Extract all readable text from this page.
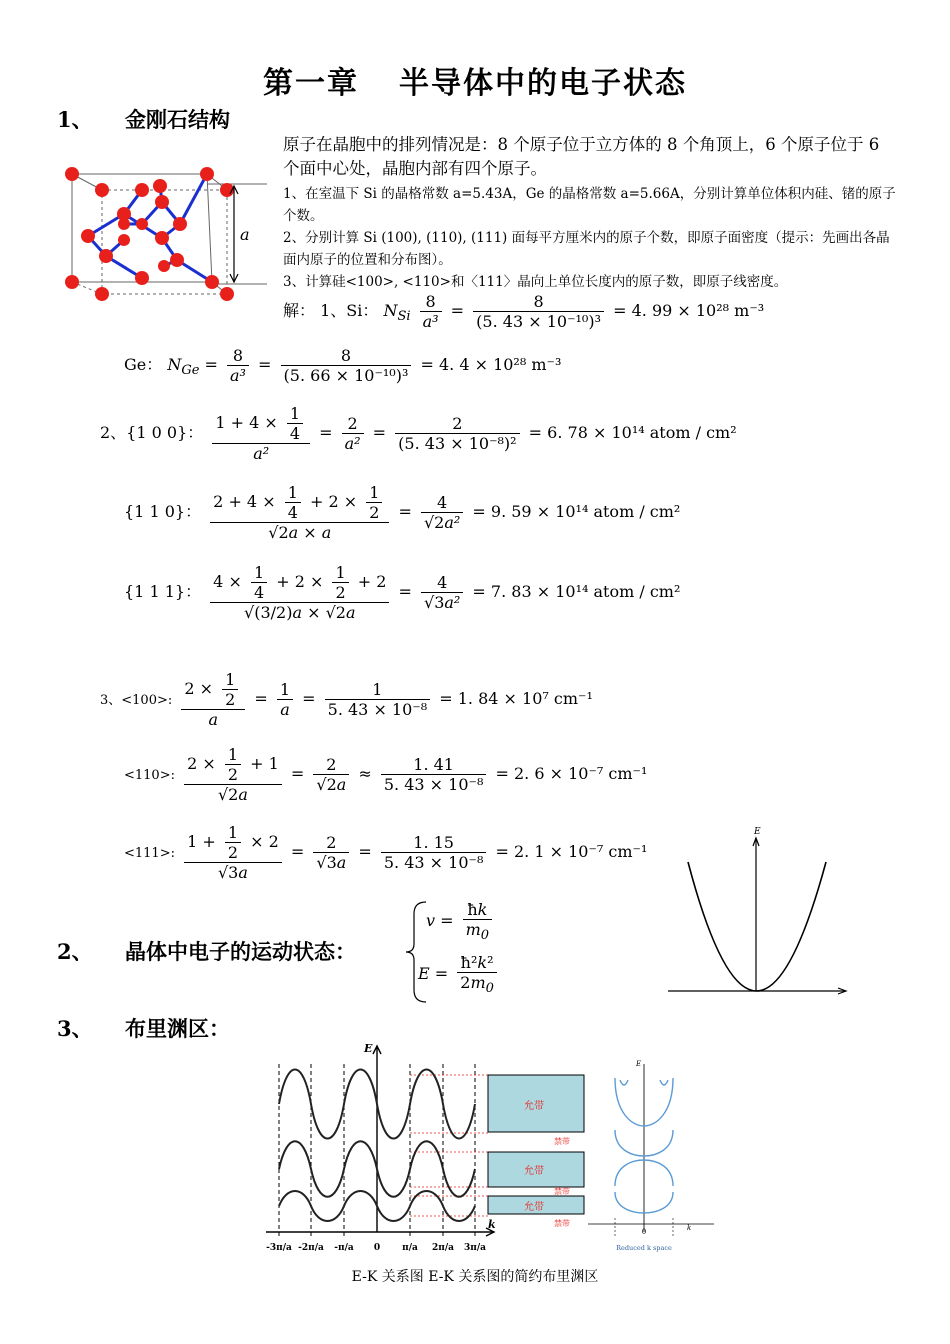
第一章 半导体中的电子状态
1、 金刚石结构
a
原子在晶胞中的排列情况是：8 个原子位于立方体的 8 个角顶上，6 个原子位于 6 个面中心处，晶胞内部有四个原子。
1、在室温下 Si 的晶格常数 a=5.43A，Ge 的晶格常数 a=5.66A，分别计算单位体积内硅、锗的原子个数。
2、分别计算 Si (100), (110), (111) 面每平方厘米内的原子个数，即原子面密度（提示：先画出各晶面内原子的位置和分布图）。
3、计算硅<100>, <110>和〈111〉晶向上单位长度内的原子数，即原子线密度。
解： 1、Si： $N_{Si} \frac{8}{\text{a³}} = \frac{8}{\text{(5. 43 × 10⁻¹⁰)³}} = 4$. 99 × 10²⁸ m⁻³
Ge： $N_{Ge} = \frac{8}{\text{a³}} = \frac{8}{\text{(5. 66 × 10⁻¹⁰)³}} = 4$. 4 × 10²⁸ m⁻³
2、{1 0 0}： $\frac{1 + 4 \times \frac{1}{4}}{\text{a²}} = \frac{2}{\text{a²}} = \frac{2}{\text{(5. 43 × 10⁻⁸)²}} = 6$. 78 × 10¹⁴ atom / cm²
{1 1 0}： $\frac{2 + 4 \times \frac{1}{4} + 2 \times \frac{1}{2}}{√2a \times a} = \frac{4}{\text{√2a²}} = 9$. 59 × 10¹⁴ atom / cm²
{1 1 1}： $\frac{4 \times \frac{1}{4} + 2 \times \frac{1}{2} + 2}{√(3/2)a \times √2a} = \frac{4}{\text{√3a²}} = 7$. 83 × 10¹⁴ atom / cm²
3、<100>: $\frac{2 \times \frac{1}{2}}{a} = \frac{1}{a} = \frac{1}{\text{5. 43 × 10⁻⁸}} = 1$. 84 × 10⁷ cm⁻¹
<110>: $\frac{2 \times \frac{1}{2} + 1}{√2a} = \frac{2}{√2a} \approx \frac{1. 41}{\text{5. 43 × 10⁻⁸}} = 2$. 6 × 10⁻⁷ cm⁻¹
<111>: $\frac{1 + \frac{1}{2} \times 2}{√3a} = \frac{2}{√3a} = \frac{1. 15}{\text{5. 43 × 10⁻⁸}} = 2$. 1 × 10⁻⁷ cm⁻¹
E
2、 晶体中电子的运动状态：
$v = \frac{ħk}{m_0}$
$E = \frac{\text{ħ²k²}}{2m_0}$
3、 布里渊区：
E
k
-3π/a -2π/a -π/a 0 π/a 2π/a 3π/a
允带
允带
允带
禁带
禁带
禁带
E
k
0
Reduced k space
E-K 关系图 E-K 关系图的简约布里渊区
